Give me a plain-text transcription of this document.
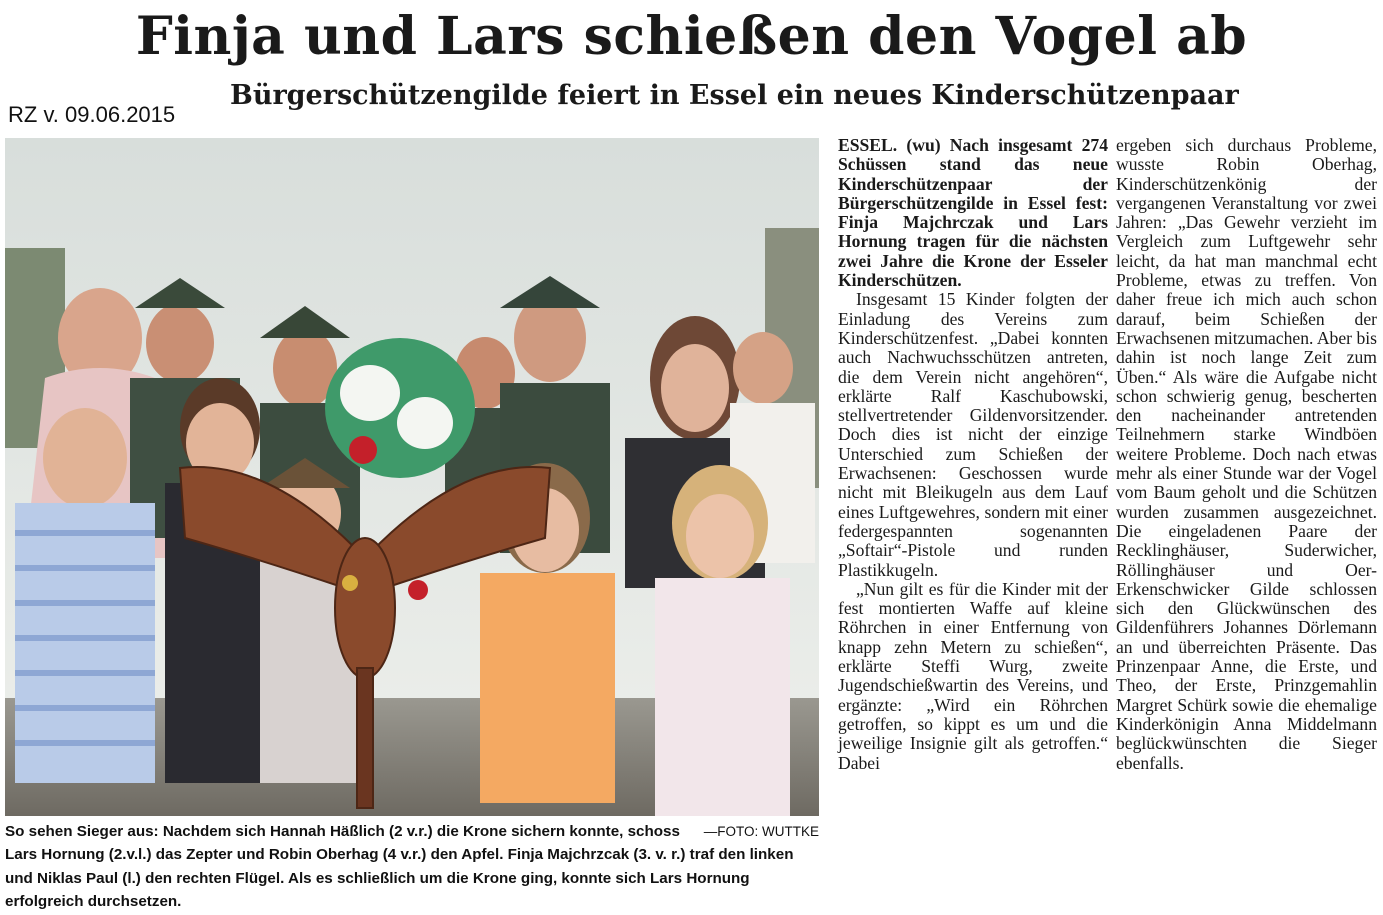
Finja und Lars schießen den Vogel ab
Bürgerschützengilde feiert in Essel ein neues Kinderschützenpaar
RZ v. 09.06.2015
—FOTO: WUTTKE
So sehen Sieger aus: Nachdem sich Hannah Häßlich (2 v.r.) die Krone sichern konnte, schoss Lars Hornung (2.v.l.) das Zepter und Robin Oberhag (4 v.r.) den Apfel. Finja Majchrzcak (3. v. r.) traf den linken und Niklas Paul (l.) den rechten Flügel. Als es schließlich um die Krone ging, konnte sich Lars Hornung erfolgreich durchsetzen.

ESSEL. (wu) Nach insgesamt 274 Schüssen stand das neue Kinderschützenpaar der Bürgerschützengilde in Essel fest: Finja Majchrczak und Lars Hornung tragen für die nächsten zwei Jahre die Krone der Esseler Kinderschützen.

Insgesamt 15 Kinder folgten der Einladung des Vereins zum Kinderschützenfest. „Dabei konnten auch Nachwuchsschützen antreten, die dem Verein nicht angehören“, erklärte Ralf Kaschubowski, stellvertretender Gildenvorsitzender. Doch dies ist nicht der einzige Unterschied zum Schießen der Erwachsenen: Geschossen wurde nicht mit Bleikugeln aus dem Lauf eines Luftgewehres, sondern mit einer federgespannten sogenannten „Softair“-Pistole und runden Plastikkugeln.

„Nun gilt es für die Kinder mit der fest montierten Waffe auf kleine Röhrchen in einer Entfernung von knapp zehn Metern zu schießen“, erklärte Steffi Wurg, zweite Jugendschießwartin des Vereins, und ergänzte: „Wird ein Röhrchen getroffen, so kippt es um und die jeweilige Insignie gilt als getroffen.“ Dabei

ergeben sich durchaus Probleme, wusste Robin Oberhag, Kinderschützenkönig der vergangenen Veranstaltung vor zwei Jahren: „Das Gewehr verzieht im Vergleich zum Luftgewehr sehr leicht, da hat man manchmal echt Probleme, etwas zu treffen. Von daher freue ich mich auch schon darauf, beim Schießen der Erwachsenen mitzumachen. Aber bis dahin ist noch lange Zeit zum Üben.“ Als wäre die Aufgabe nicht schon schwierig genug, bescherten den nacheinander antretenden Teilnehmern starke Windböen weitere Probleme. Doch nach etwas mehr als einer Stunde war der Vogel vom Baum geholt und die Schützen wurden zusammen ausgezeichnet. Die eingeladenen Paare der Recklinghäuser, Suderwicher, Röllinghäuser und Oer-Erkenschwicker Gilde schlossen sich den Glückwünschen des Gildenführers Johannes Dörlemann an und überreichten Präsente. Das Prinzenpaar Anne, die Erste, und Theo, der Erste, Prinzgemahlin Margret Schürk sowie die ehemalige Kinderkönigin Anna Middelmann beglückwünschten die Sieger ebenfalls.
